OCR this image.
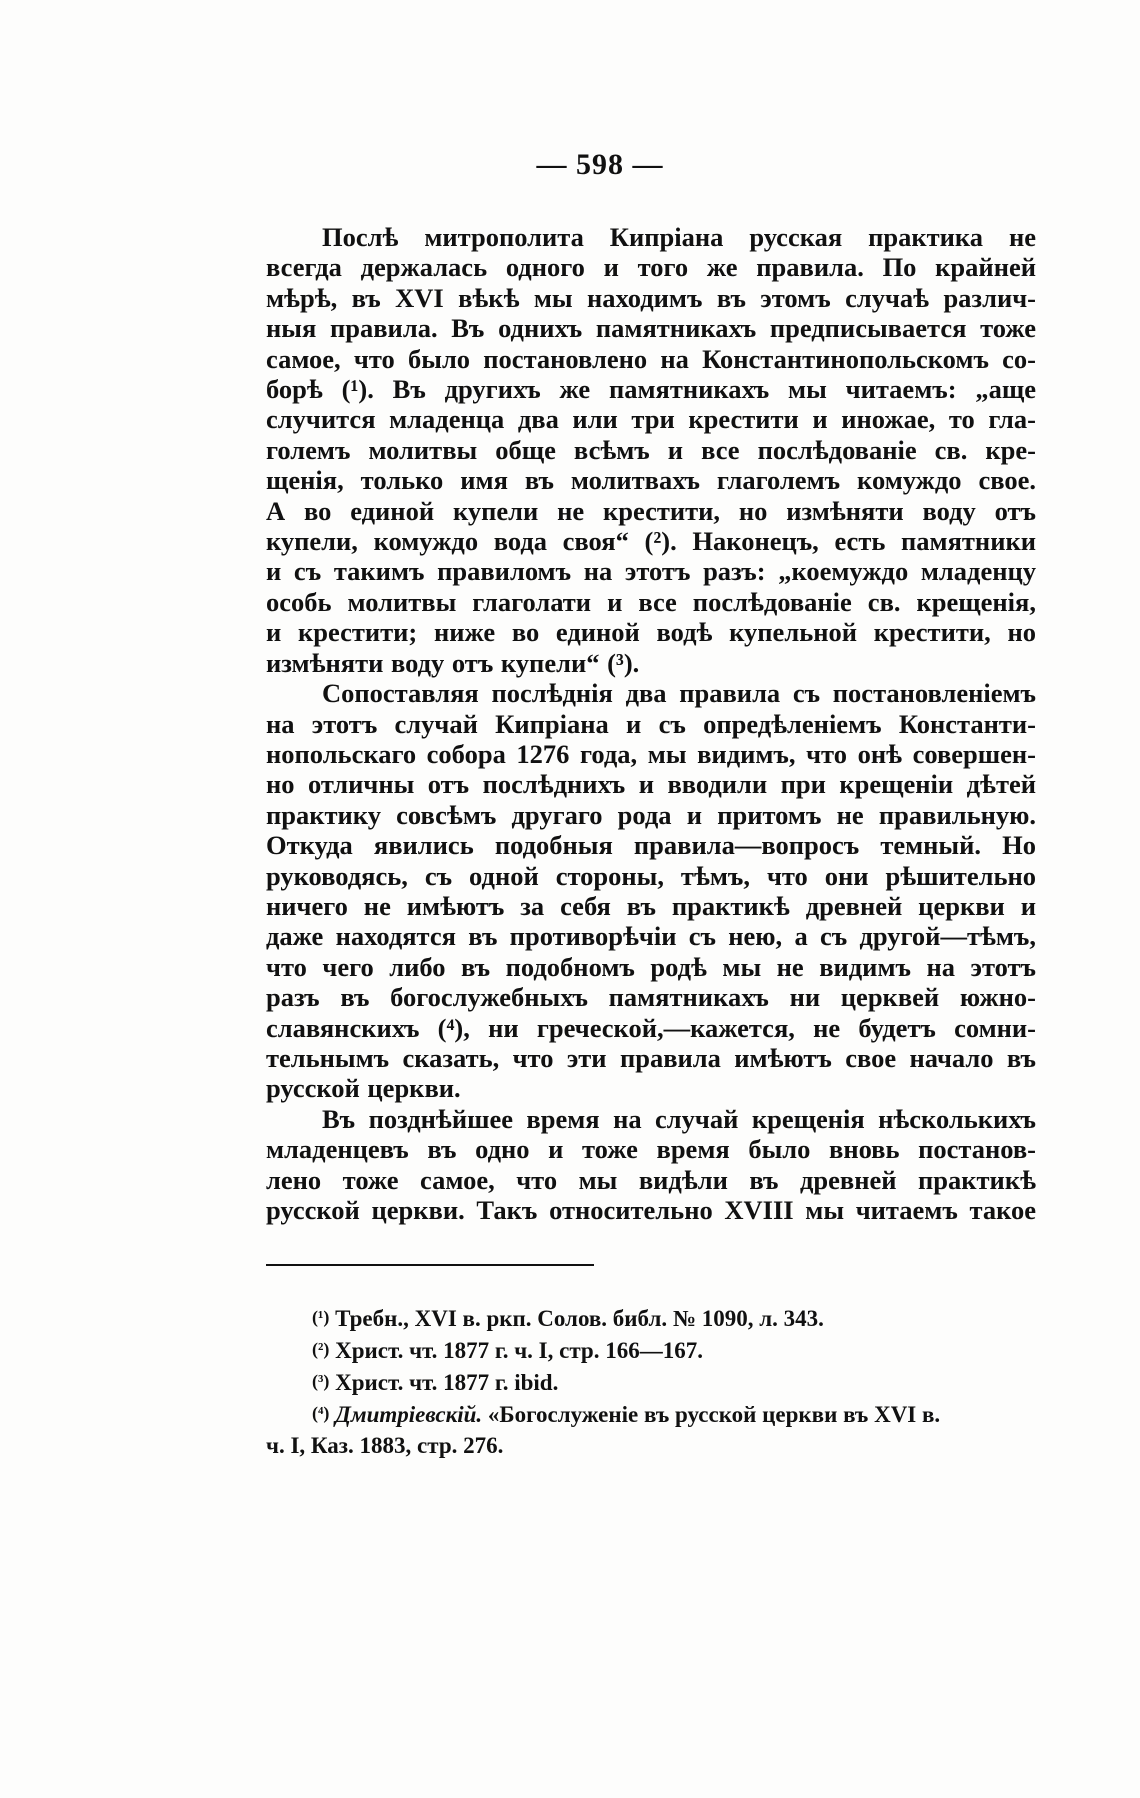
— 598 —

Послѣ митрополита Кипріана русская практика не
всегда держалась одного и того же правила. По крайней
мѣрѣ, въ XVI вѣкѣ мы находимъ въ этомъ случаѣ различ-
ныя правила. Въ однихъ памятникахъ предписывается тоже
самое, что было постановлено на Константинопольскомъ со-
борѣ (¹). Въ другихъ же памятникахъ мы читаемъ: „аще
случится младенца два или три крестити и иножае, то гла-
големъ молитвы обще всѣмъ и все послѣдованіе св. кре-
щенія, только имя въ молитвахъ глаголемъ комуждо свое.
А во единой купели не крестити, но измѣняти воду отъ
купели, комуждо вода своя“ (²). Наконецъ, есть памятники
и съ такимъ правиломъ на этотъ разъ: „коемуждо младенцу
особь молитвы глаголати и все послѣдованіе св. крещенія,
и крестити; ниже во единой водѣ купельной крестити, но
измѣняти воду отъ купели“ (³).

Сопоставляя послѣднія два правила съ постановленіемъ
на этотъ случай Кипріана и съ опредѣленіемъ Константи-
нопольскаго собора 1276 года, мы видимъ, что онѣ совершен-
но отличны отъ послѣднихъ и вводили при крещеніи дѣтей
практику совсѣмъ другаго рода и притомъ не правильную.
Откуда явились подобныя правила—вопросъ темный. Но
руководясь, съ одной стороны, тѣмъ, что они рѣшительно
ничего не имѣютъ за себя въ практикѣ древней церкви и
даже находятся въ противорѣчіи съ нею, а съ другой—тѣмъ,
что чего либо въ подобномъ родѣ мы не видимъ на этотъ
разъ въ богослужебныхъ памятникахъ ни церквей южно-
славянскихъ (⁴), ни греческой,—кажется, не будетъ сомни-
тельнымъ сказать, что эти правила имѣютъ свое начало въ
русской церкви.

Въ позднѣйшее время на случай крещенія нѣсколькихъ
младенцевъ въ одно и тоже время было вновь постанов-
лено тоже самое, что мы видѣли въ древней практикѣ
русской церкви. Такъ относительно XVIII мы читаемъ такое

(¹) Требн., XVI в. ркп. Солов. библ. № 1090, л. 343.

(²) Христ. чт. 1877 г. ч. I, стр. 166—167.

(³) Христ. чт. 1877 г. ibid.

(⁴) Дмитріевскій. «Богослуженіе въ русской церкви въ XVI в.

ч. I, Каз. 1883, стр. 276.
